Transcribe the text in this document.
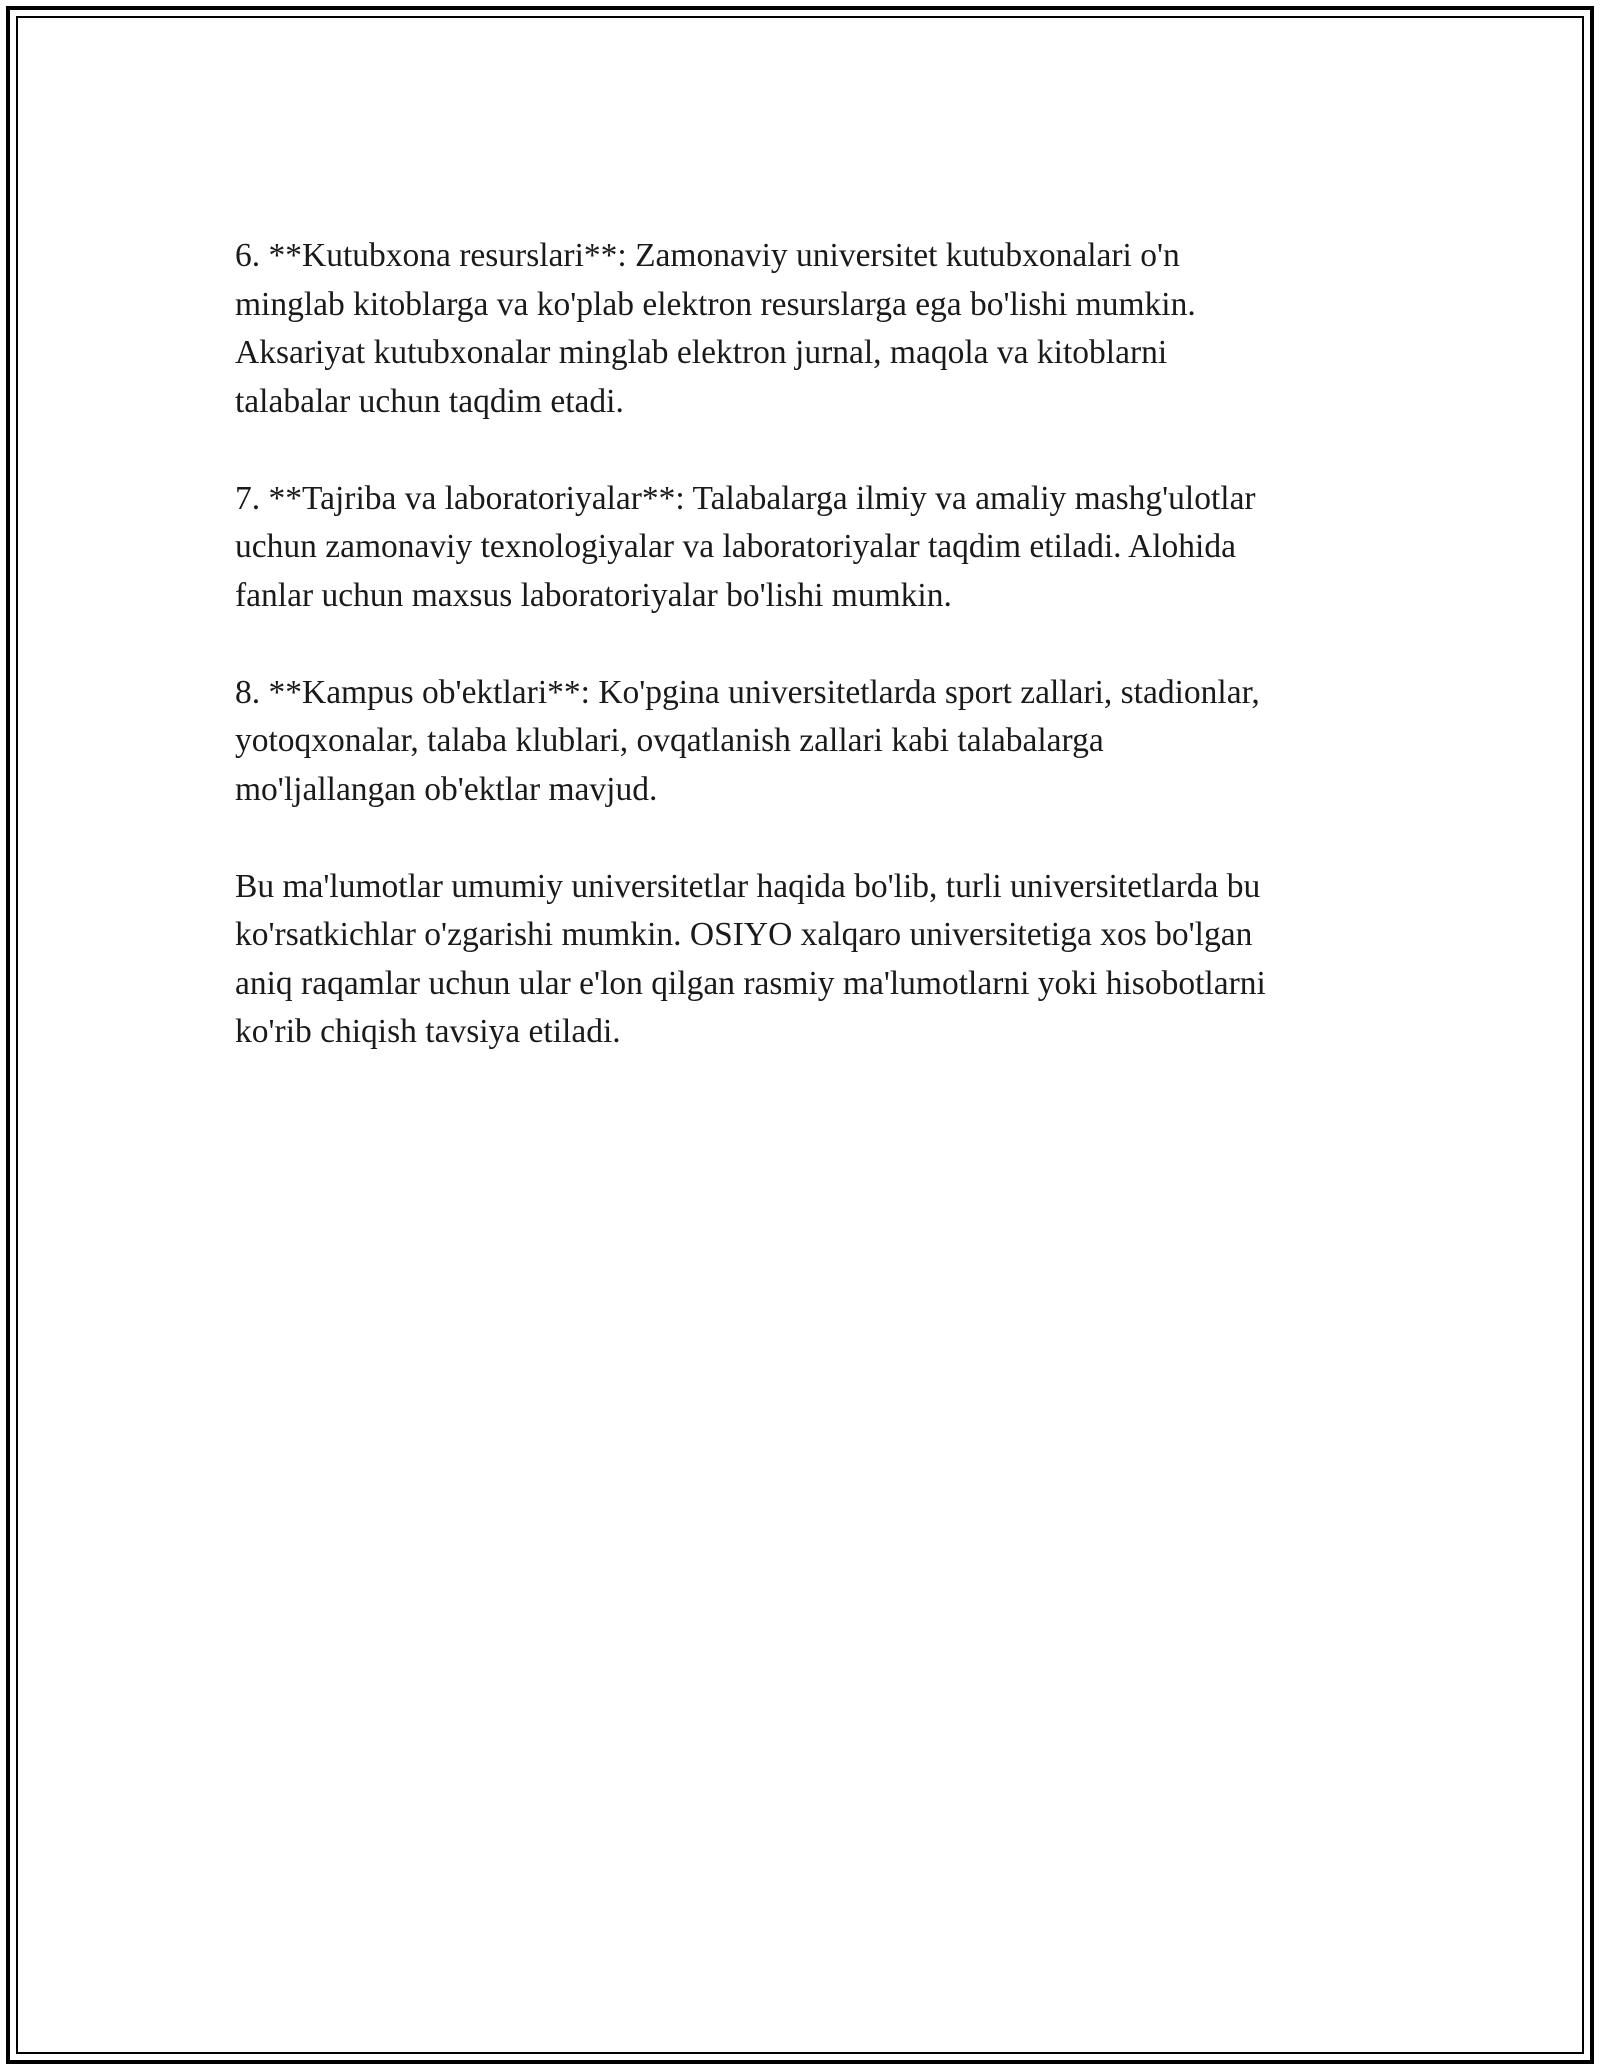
6. **Kutubxona resurslari**: Zamonaviy universitet kutubxonalari o'n
minglab kitoblarga va ko'plab elektron resurslarga ega bo'lishi mumkin.
Aksariyat kutubxonalar minglab elektron jurnal, maqola va kitoblarni
talabalar uchun taqdim etadi.

7. **Tajriba va laboratoriyalar**: Talabalarga ilmiy va amaliy mashg'ulotlar
uchun zamonaviy texnologiyalar va laboratoriyalar taqdim etiladi. Alohida
fanlar uchun maxsus laboratoriyalar bo'lishi mumkin.

8. **Kampus ob'ektlari**: Ko'pgina universitetlarda sport zallari, stadionlar,
yotoqxonalar, talaba klublari, ovqatlanish zallari kabi talabalarga
mo'ljallangan ob'ektlar mavjud.

Bu ma'lumotlar umumiy universitetlar haqida bo'lib, turli universitetlarda bu
ko'rsatkichlar o'zgarishi mumkin. OSIYO xalqaro universitetiga xos bo'lgan
aniq raqamlar uchun ular e'lon qilgan rasmiy ma'lumotlarni yoki hisobotlarni
ko'rib chiqish tavsiya etiladi.
